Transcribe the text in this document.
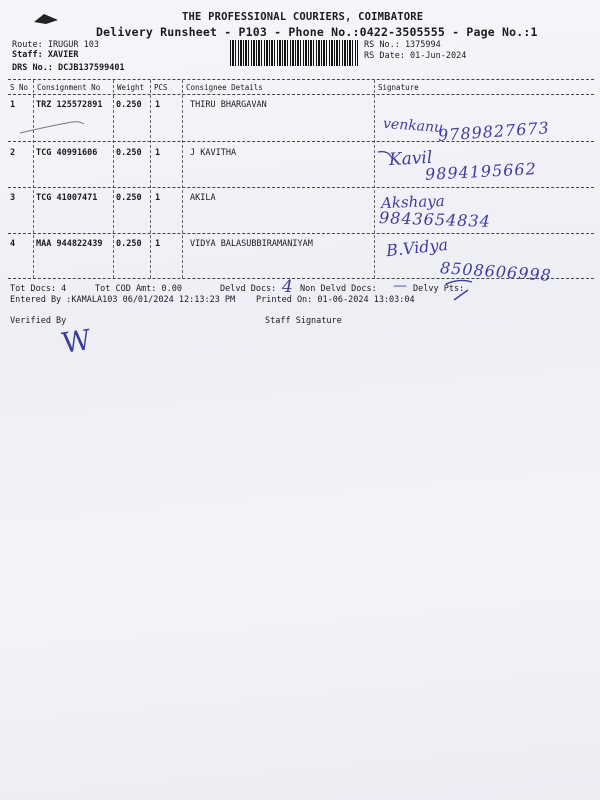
THE PROFESSIONAL COURIERS, COIMBATORE
Delivery Runsheet - P103 - Phone No.:0422-3505555 - Page No.:1
Route: IRUGUR 103
Staff: XAVIER
DRS No.: DCJB137599401
RS No.: 1375994
RS Date: 01-Jun-2024
S No Consignment No Weight PCS Consignee Details	Signature
1 TRZ 125572891 0.250 1	THIRU BHARGAVAN
venkanu
9789827673
2 TCG 40991606 0.250 1	J KAVITHA	Kavil
9894195662
3 TCG 41007471 0.250 1	AKILA	Akshaya
9843654834
4 MAA 944822439 0.250 1	VIDYA BALASUBBIRAMANIYAM	B.Vidya
8508606998
Tot Docs: 4	Tot COD Amt: 0.00	Delvd Docs: 4 Non Delvd Docs: — Delvy Pts:
Entered By :KAMALA103 06/01/2024 12:13:23 PM Printed On: 01-06-2024 13:03:04
Verified By
W
Staff Signature
